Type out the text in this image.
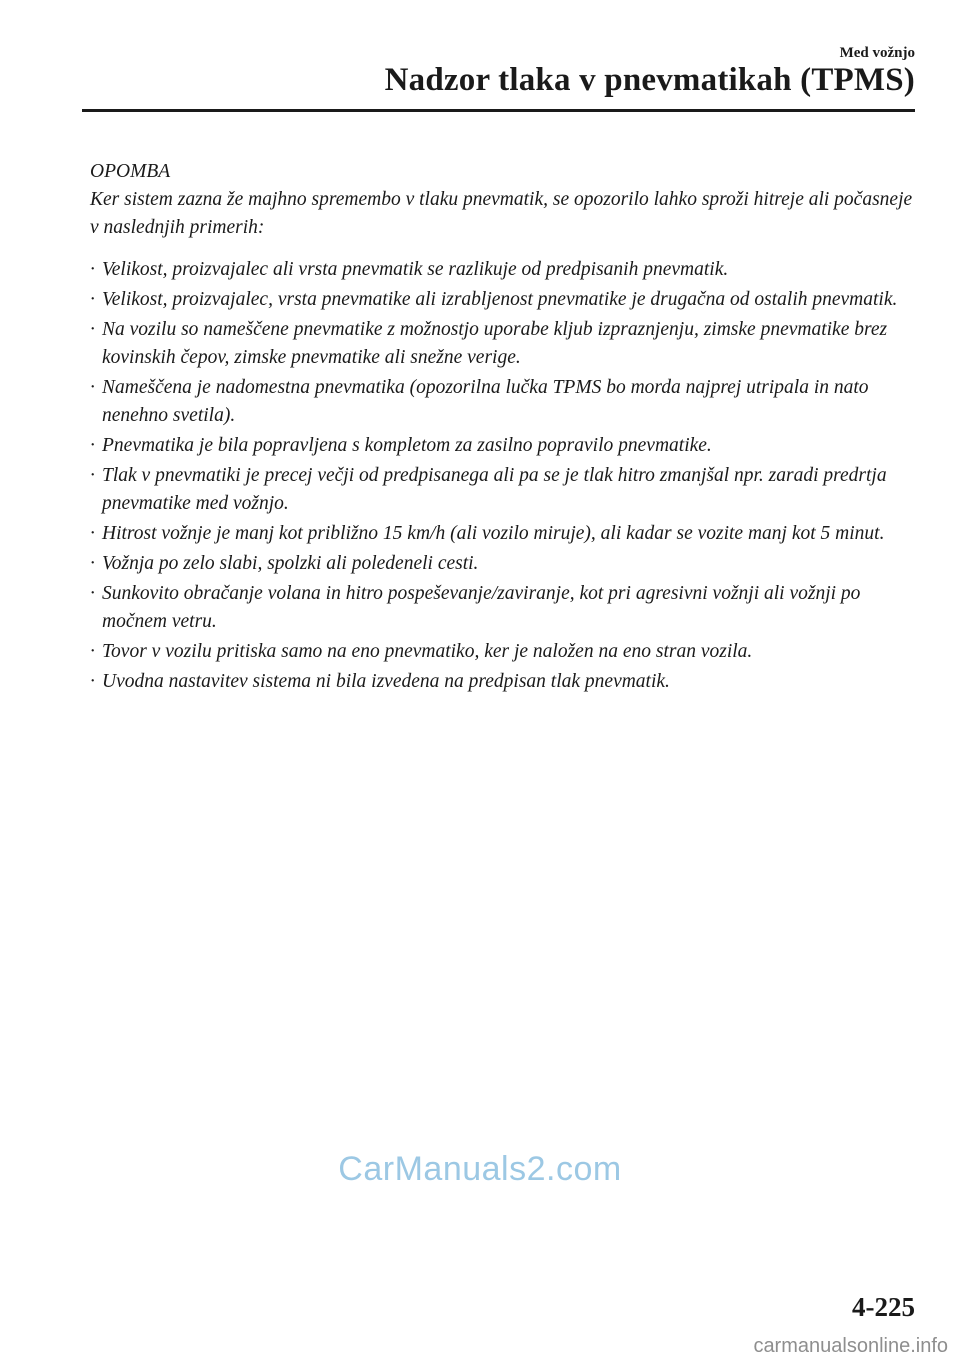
Med vožnjo
Nadzor tlaka v pnevmatikah (TPMS)

OPOMBA

Ker sistem zazna že majhno spremembo v tlaku pnevmatik, se opozorilo lahko sproži hitreje ali počasneje v naslednjih primerih:

· Velikost, proizvajalec ali vrsta pnevmatik se razlikuje od predpisanih pnevmatik.
· Velikost, proizvajalec, vrsta pnevmatike ali izrabljenost pnevmatike je drugačna od ostalih pnevmatik.
· Na vozilu so nameščene pnevmatike z možnostjo uporabe kljub izpraznjenju, zimske pnevmatike brez kovinskih čepov, zimske pnevmatike ali snežne verige.
· Nameščena je nadomestna pnevmatika (opozorilna lučka TPMS bo morda najprej utripala in nato nenehno svetila).
· Pnevmatika je bila popravljena s kompletom za zasilno popravilo pnevmatike.
· Tlak v pnevmatiki je precej večji od predpisanega ali pa se je tlak hitro zmanjšal npr. zaradi predrtja pnevmatike med vožnjo.
· Hitrost vožnje je manj kot približno 15 km/h (ali vozilo miruje), ali kadar se vozite manj kot 5 minut.
· Vožnja po zelo slabi, spolzki ali poledeneli cesti.
· Sunkovito obračanje volana in hitro pospeševanje/zaviranje, kot pri agresivni vožnji ali vožnji po močnem vetru.
· Tovor v vozilu pritiska samo na eno pnevmatiko, ker je naložen na eno stran vozila.
· Uvodna nastavitev sistema ni bila izvedena na predpisan tlak pnevmatik.
CarManuals2.com
4-225
carmanualsonline.info
